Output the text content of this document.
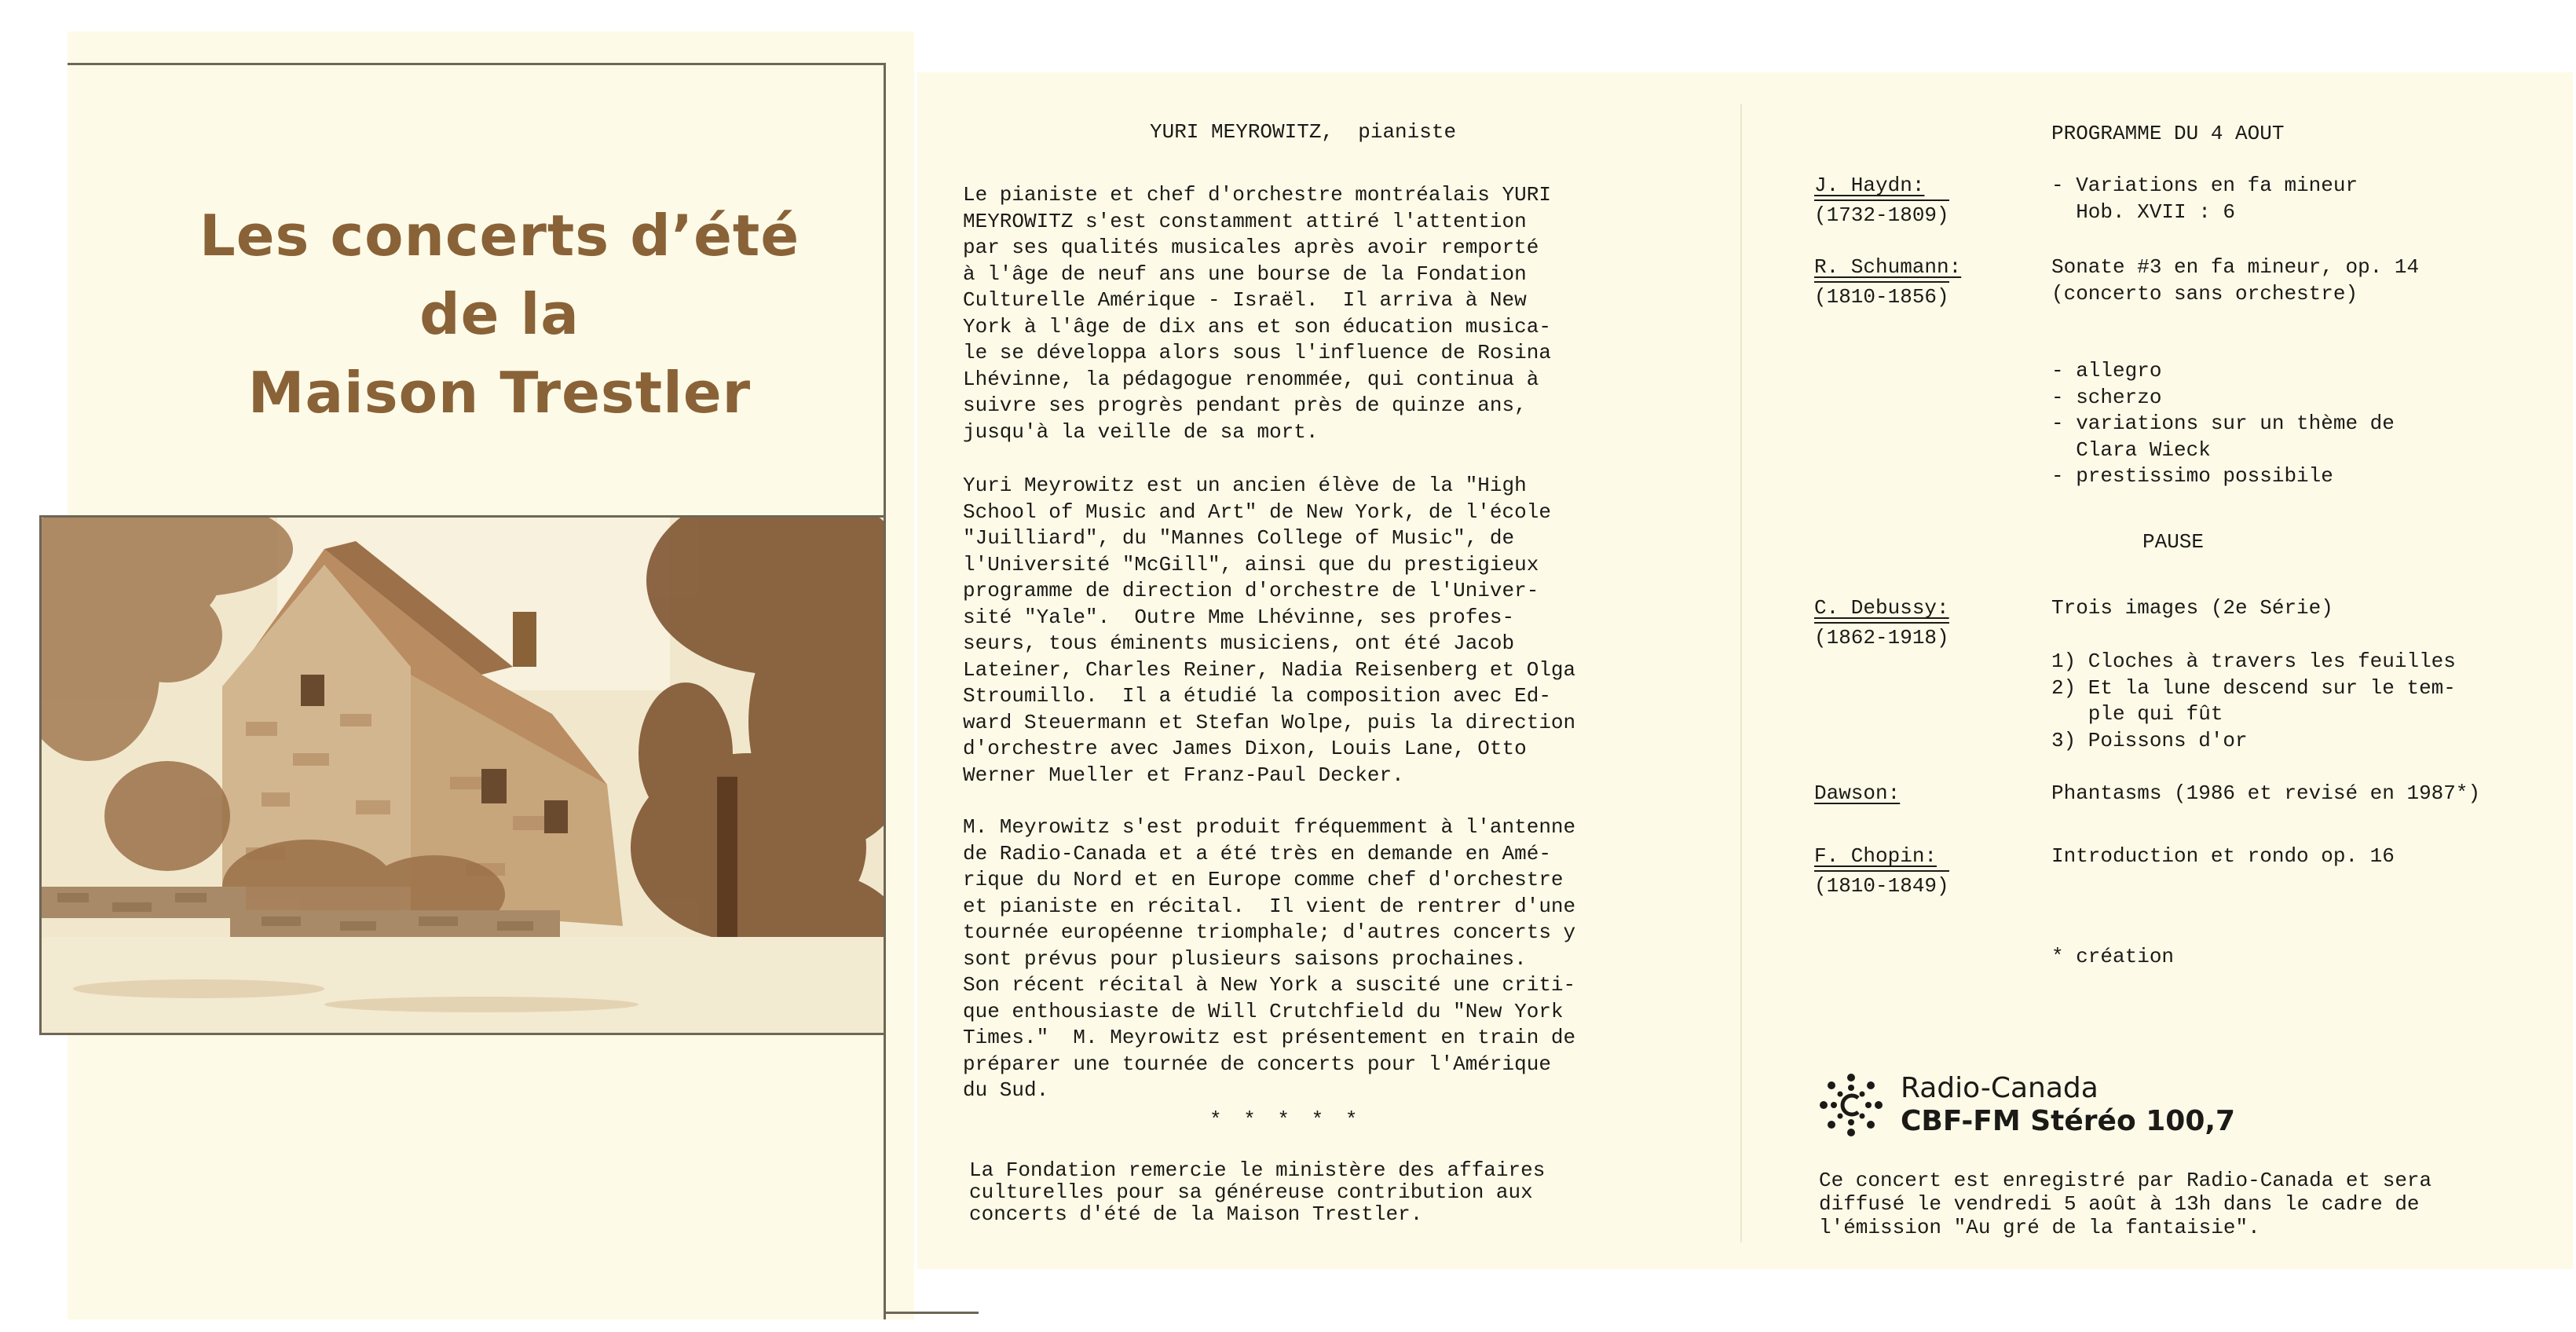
Les concerts d’été
de la
Maison Trestler
YURI MEYROWITZ,  pianiste
Le pianiste et chef d'orchestre montréalais YURI
MEYROWITZ s'est constamment attiré l'attention
par ses qualités musicales après avoir remporté
à l'âge de neuf ans une bourse de la Fondation
Culturelle Amérique - Israël.  Il arriva à New
York à l'âge de dix ans et son éducation musica-
le se développa alors sous l'influence de Rosina
Lhévinne, la pédagogue renommée, qui continua à
suivre ses progrès pendant près de quinze ans,
jusqu'à la veille de sa mort.
Yuri Meyrowitz est un ancien élève de la "High
School of Music and Art" de New York, de l'école
"Juilliard", du "Mannes College of Music", de
l'Université "McGill", ainsi que du prestigieux
programme de direction d'orchestre de l'Univer-
sité "Yale".  Outre Mme Lhévinne, ses profes-
seurs, tous éminents musiciens, ont été Jacob
Lateiner, Charles Reiner, Nadia Reisenberg et Olga
Stroumillo.  Il a étudié la composition avec Ed-
ward Steuermann et Stefan Wolpe, puis la direction
d'orchestre avec James Dixon, Louis Lane, Otto
Werner Mueller et Franz-Paul Decker.
M. Meyrowitz s'est produit fréquemment à l'antenne
de Radio-Canada et a été très en demande en Amé-
rique du Nord et en Europe comme chef d'orchestre
et pianiste en récital.  Il vient de rentrer d'une
tournée européenne triomphale; d'autres concerts y
sont prévus pour plusieurs saisons prochaines.
Son récent récital à New York a suscité une criti-
que enthousiaste de Will Crutchfield du "New York
Times."  M. Meyrowitz est présentement en train de
préparer une tournée de concerts pour l'Amérique
du Sud.
* * * * *
La Fondation remercie le ministère des affaires
culturelles pour sa généreuse contribution aux
concerts d'été de la Maison Trestler.
PROGRAMME DU 4 AOUT
J. Haydn:
(1732-1809)
- Variations en fa mineur
Hob. XVII : 6
R. Schumann:
(1810-1856)
Sonate #3 en fa mineur, op. 14
(concerto sans orchestre)
- allegro
- scherzo
- variations sur un thème de
Clara Wieck
- prestissimo possibile
PAUSE
C. Debussy:
(1862-1918)
Trois images (2e Série)
1) Cloches à travers les feuilles
2) Et la lune descend sur le tem-
ple qui fût
3) Poissons d'or
Dawson:	Phantasms (1986 et revisé en 1987*)
F. Chopin:
(1810-1849)
Introduction et rondo op. 16
* création
Radio-Canada
CBF-FM Stéréo 100,7
Ce concert est enregistré par Radio-Canada et sera
diffusé le vendredi 5 août à 13h dans le cadre de
l'émission "Au gré de la fantaisie".
